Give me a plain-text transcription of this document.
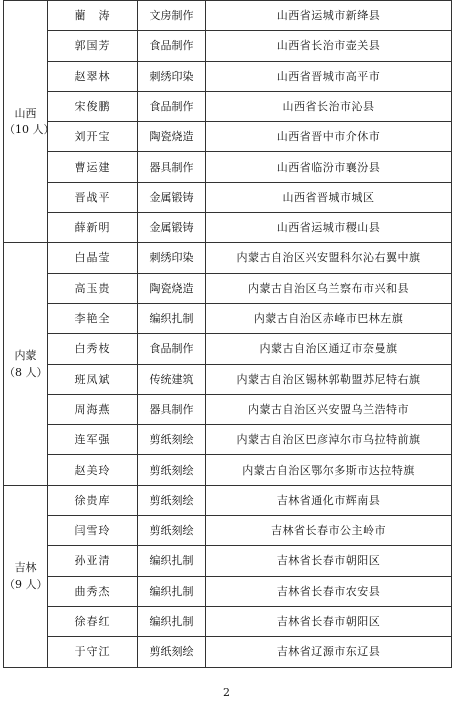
山西
（10 人）	藺　涛	文房制作	山西省运城市新绛县
	郭国芳	食品制作	山西省长治市壶关县
	赵翠林	刺绣印染	山西省晋城市高平市
	宋俊鹏	食品制作	山西省长治市沁县
	刘开宝	陶瓷烧造	山西省晋中市介休市
	曹运建	器具制作	山西省临汾市襄汾县
	晋战平	金属锻铸	山西省晋城市城区
	薛新明	金属锻铸	山西省运城市稷山县

内蒙
（8 人）	白晶莹	刺绣印染	内蒙古自治区兴安盟科尔沁右翼中旗
	高玉贵	陶瓷烧造	内蒙古自治区乌兰察布市兴和县
	李艳全	编织扎制	内蒙古自治区赤峰市巴林左旗
	白秀枝	食品制作	内蒙古自治区通辽市奈曼旗
	班凤斌	传统建筑	内蒙古自治区锡林郭勒盟苏尼特右旗
	周海燕	器具制作	内蒙古自治区兴安盟乌兰浩特市
	连军强	剪纸刻绘	内蒙古自治区巴彦淖尔市乌拉特前旗
	赵美玲	剪纸刻绘	内蒙古自治区鄂尔多斯市达拉特旗

吉林
（9 人）	徐贵库	剪纸刻绘	吉林省通化市辉南县
	闫雪玲	剪纸刻绘	吉林省长春市公主岭市
	孙亚清	编织扎制	吉林省长春市朝阳区
	曲秀杰	编织扎制	吉林省长春市农安县
	徐春红	编织扎制	吉林省长春市朝阳区
	于守江	剪纸刻绘	吉林省辽源市东辽县
2
